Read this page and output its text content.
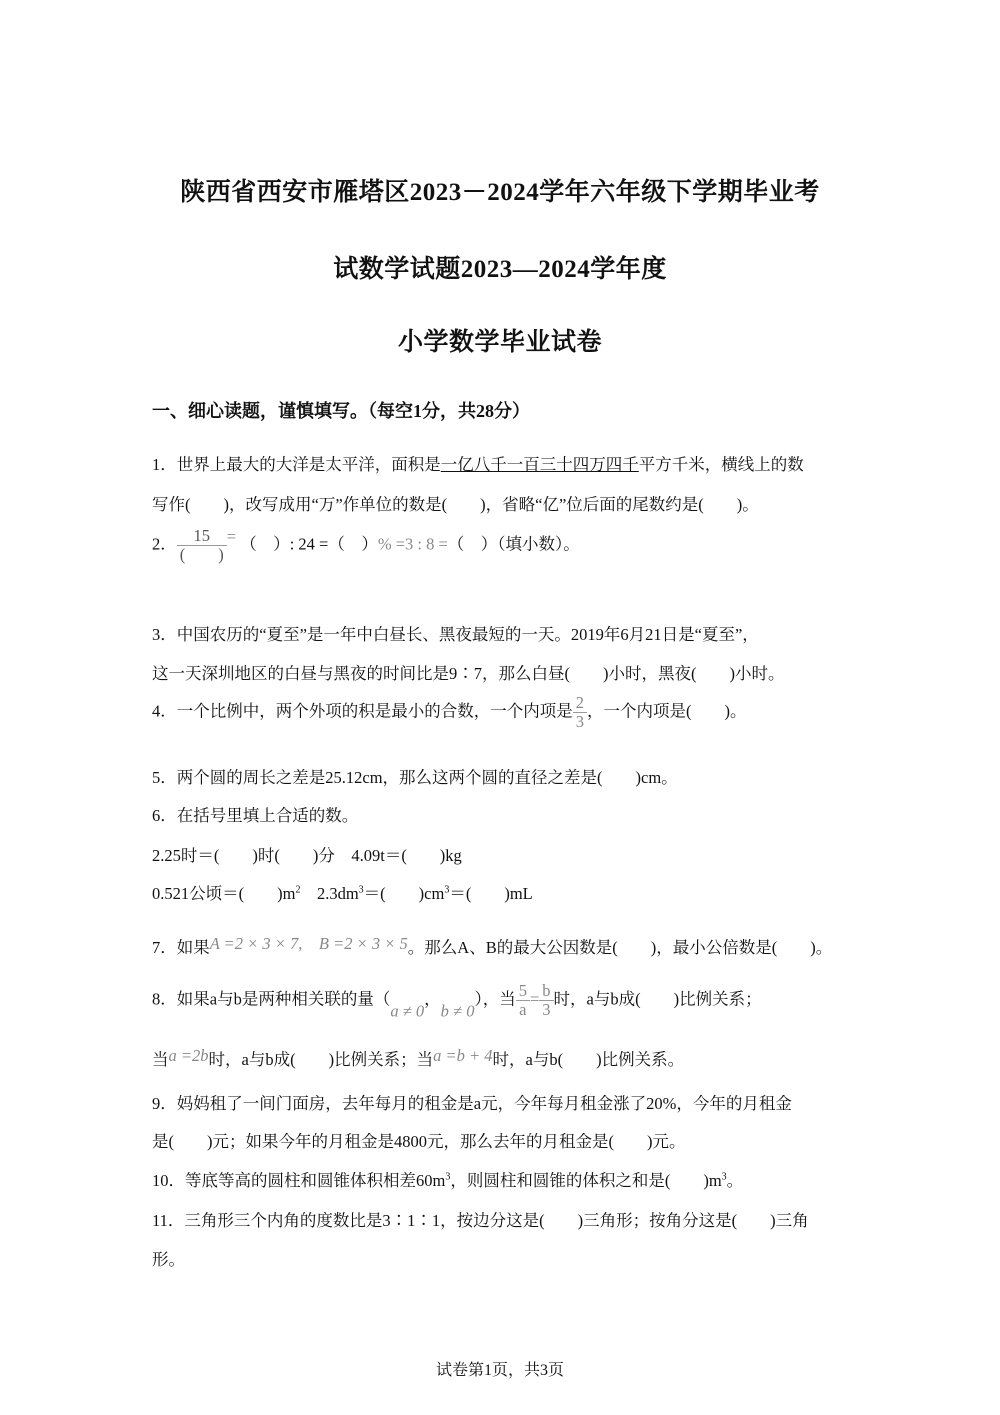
陕西省西安市雁塔区2023－2024学年六年级下学期毕业考
试数学试题2023—2024学年度
小学数学毕业试卷
一、细心读题，谨慎填写。（每空1分，共28分）
1．世界上最大的大洋是太平洋，面积是一亿八千一百三十四万四千平方千米，横线上的数
写作(　　)，改写成用“万”作单位的数是(　　)，省略“亿”位后面的尾数约是(　　)。
2． $\frac{15}{( )}$ = （　）: 24 =（　）% =3 : 8 =（　）（填小数）。
3．中国农历的“夏至”是一年中白昼长、黑夜最短的一天。2019年6月21日是“夏至”，
这一天深圳地区的白昼与黑夜的时间比是9∶7，那么白昼(　　)小时，黑夜(　　)小时。
4．一个比例中，两个外项的积是最小的合数，一个内项是 $\frac{2}{3}$ ，一个内项是(　　)。
5．两个圆的周长之差是25.12cm，那么这两个圆的直径之差是(　　)cm。
6．在括号里填上合适的数。
2.25时＝(　　)时(　　)分　4.09t＝(　　)kg
0.521公顷＝(　　)$m^2$　 $2.3dm^3=$(　　)$cm^3=$(　　)mL
7．如果A =2 × 3 × 7,　B =2 × 3 × 5。那么A、B的最大公因数是(　　)，最小公倍数是(　　)。
8．如果a与b是两种相关联的量（a ≠ 0，b ≠ 0），当 $\frac{5}{a} = \frac{b}{3}$ 时，a与b成(　　)比例关系；
当a =2b时，a与b成(　　)比例关系；当a =b + 4时，a与b(　　)比例关系。
9．妈妈租了一间门面房，去年每月的租金是a元，今年每月租金涨了20%，今年的月租金
是(　　)元；如果今年的月租金是4800元，那么去年的月租金是(　　)元。
10．等底等高的圆柱和圆锥体积相差$60m^3$，则圆柱和圆锥的体积之和是(　　)$m^3$。
11．三角形三个内角的度数比是3∶1∶1，按边分这是(　　)三角形；按角分这是(　　)三角
形。
试卷第1页，共3页
